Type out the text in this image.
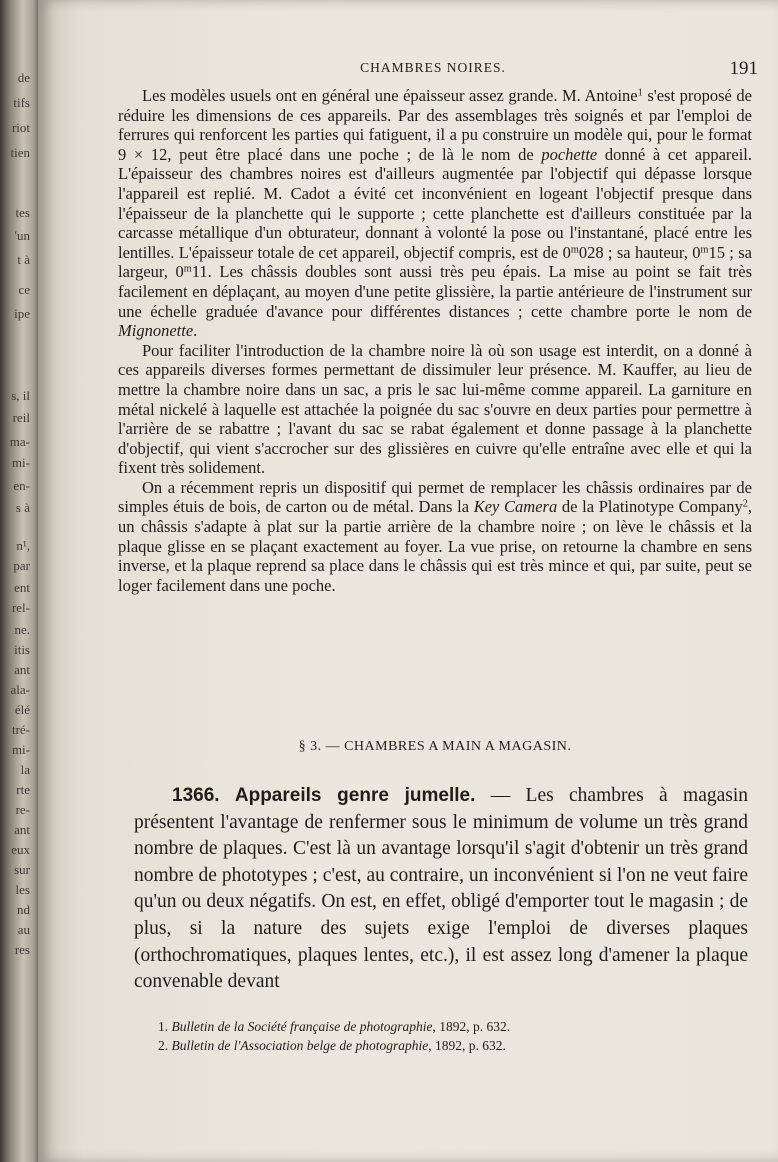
de
tifs
riot
tien
tes
'un
t à
ce
ipe
s, il
reil
ma-
mi-
en-
s à
n¹,
par
ent
rel-
ne.
itis
ant
ala-
élé
tré-
mi-
la
rte
re-
ant
eux
sur
les
nd
au
res
CHAMBRES NOIRES.	191

Les modèles usuels ont en général une épaisseur assez grande. M. Antoine$^1$ s'est proposé de réduire les dimensions de ces appareils. Par des assemblages très soignés et par l'emploi de ferrures qui renforcent les parties qui fatiguent, il a pu construire un modèle qui, pour le format 9 × 12, peut être placé dans une poche ; de là le nom de pochette donné à cet appareil. L'épaisseur des chambres noires est d'ailleurs augmentée par l'objectif qui dépasse lorsque l'appareil est replié. M. Cadot a évité cet inconvénient en logeant l'objectif presque dans l'épaisseur de la planchette qui le supporte ; cette planchette est d'ailleurs constituée par la carcasse métallique d'un obturateur, donnant à volonté la pose ou l'instantané, placé entre les lentilles. L'épaisseur totale de cet appareil, objectif compris, est de 0$^m$028 ; sa hauteur, 0$^m$15 ; sa largeur, 0$^m$11. Les châssis doubles sont aussi très peu épais. La mise au point se fait très facilement en déplaçant, au moyen d'une petite glissière, la partie antérieure de l'instrument sur une échelle graduée d'avance pour différentes distances ; cette chambre porte le nom de Mignonette.

Pour faciliter l'introduction de la chambre noire là où son usage est interdit, on a donné à ces appareils diverses formes permettant de dissimuler leur présence. M. Kauffer, au lieu de mettre la chambre noire dans un sac, a pris le sac lui-même comme appareil. La garniture en métal nickelé à laquelle est attachée la poignée du sac s'ouvre en deux parties pour permettre à l'arrière de se rabattre ; l'avant du sac se rabat également et donne passage à la planchette d'objectif, qui vient s'accrocher sur des glissières en cuivre qu'elle entraîne avec elle et qui la fixent très solidement.

On a récemment repris un dispositif qui permet de remplacer les châssis ordinaires par de simples étuis de bois, de carton ou de métal. Dans la Key Camera de la Platinotype Company$^2$, un châssis s'adapte à plat sur la partie arrière de la chambre noire ; on lève le châssis et la plaque glisse en se plaçant exactement au foyer. La vue prise, on retourne la chambre en sens inverse, et la plaque reprend sa place dans le châssis qui est très mince et qui, par suite, peut se loger facilement dans une poche.

§ 3. — CHAMBRES A MAIN A MAGASIN.

1366. Appareils genre jumelle. — Les chambres à magasin présentent l'avantage de renfermer sous le minimum de volume un très grand nombre de plaques. C'est là un avantage lorsqu'il s'agit d'obtenir un très grand nombre de phototypes ; c'est, au contraire, un inconvénient si l'on ne veut faire qu'un ou deux négatifs. On est, en effet, obligé d'emporter tout le magasin ; de plus, si la nature des sujets exige l'emploi de diverses plaques (orthochromatiques, plaques lentes, etc.), il est assez long d'amener la plaque convenable devant

1. Bulletin de la Société française de photographie, 1892, p. 632.
2. Bulletin de l'Association belge de photographie, 1892, p. 632.
